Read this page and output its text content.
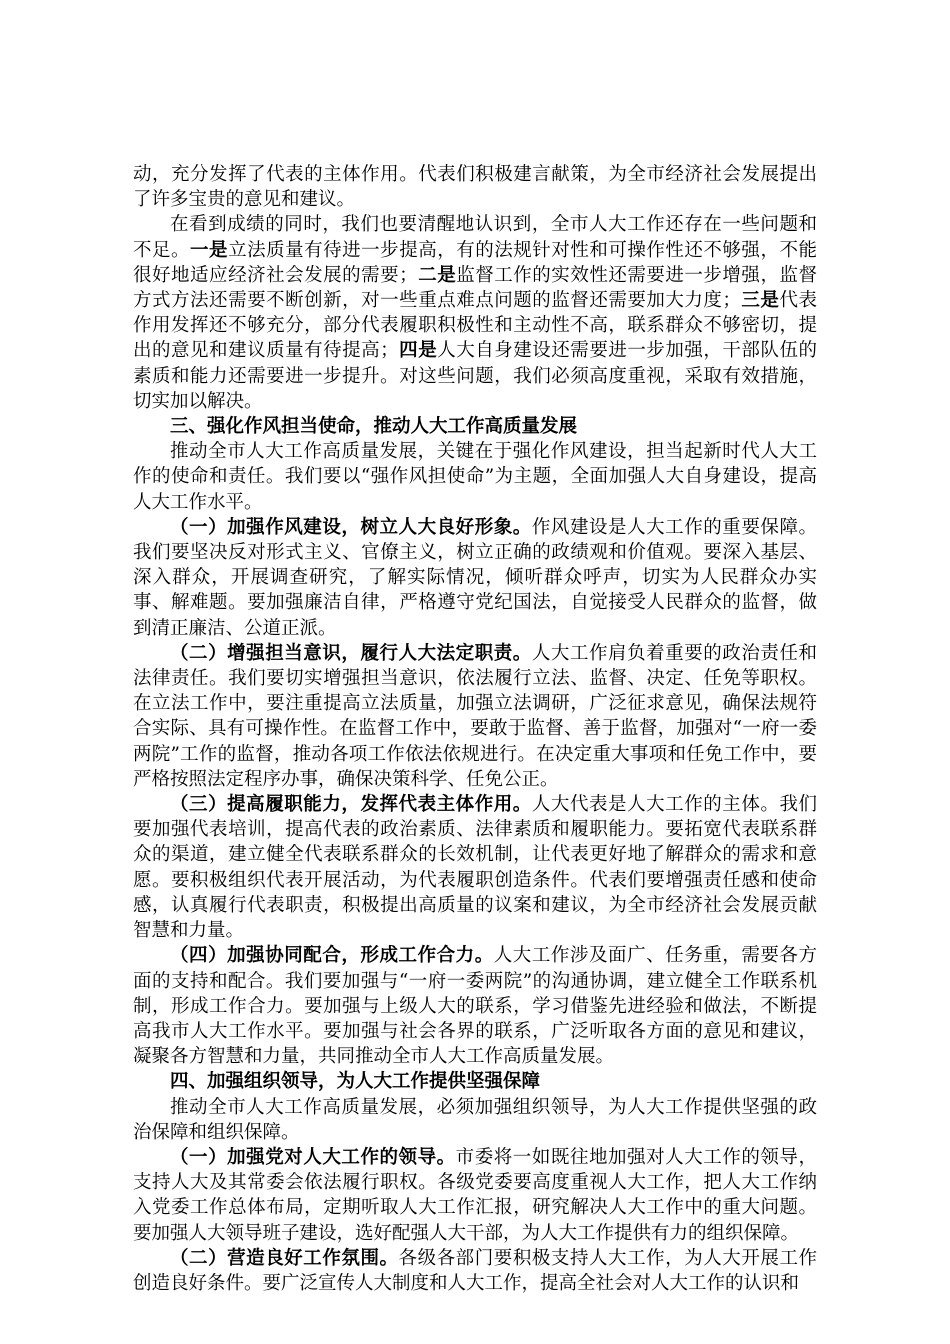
动，充分发挥了代表的主体作用。代表们积极建言献策，为全市经济社会发展提出了许多宝贵的意见和建议。

在看到成绩的同时，我们也要清醒地认识到，全市人大工作还存在一些问题和不足。一是立法质量有待进一步提高，有的法规针对性和可操作性还不够强，不能很好地适应经济社会发展的需要；二是监督工作的实效性还需要进一步增强，监督方式方法还需要不断创新，对一些重点难点问题的监督还需要加大力度；三是代表作用发挥还不够充分，部分代表履职积极性和主动性不高，联系群众不够密切，提出的意见和建议质量有待提高；四是人大自身建设还需要进一步加强，干部队伍的素质和能力还需要进一步提升。对这些问题，我们必须高度重视，采取有效措施，切实加以解决。

三、强化作风担当使命，推动人大工作高质量发展

推动全市人大工作高质量发展，关键在于强化作风建设，担当起新时代人大工作的使命和责任。我们要以“强作风担使命”为主题，全面加强人大自身建设，提高人大工作水平。

（一）加强作风建设，树立人大良好形象。作风建设是人大工作的重要保障。我们要坚决反对形式主义、官僚主义，树立正确的政绩观和价值观。要深入基层、深入群众，开展调查研究，了解实际情况，倾听群众呼声，切实为人民群众办实事、解难题。要加强廉洁自律，严格遵守党纪国法，自觉接受人民群众的监督，做到清正廉洁、公道正派。

（二）增强担当意识，履行人大法定职责。人大工作肩负着重要的政治责任和法律责任。我们要切实增强担当意识，依法履行立法、监督、决定、任免等职权。在立法工作中，要注重提高立法质量，加强立法调研，广泛征求意见，确保法规符合实际、具有可操作性。在监督工作中，要敢于监督、善于监督，加强对“一府一委两院”工作的监督，推动各项工作依法依规进行。在决定重大事项和任免工作中，要严格按照法定程序办事，确保决策科学、任免公正。

（三）提高履职能力，发挥代表主体作用。人大代表是人大工作的主体。我们要加强代表培训，提高代表的政治素质、法律素质和履职能力。要拓宽代表联系群众的渠道，建立健全代表联系群众的长效机制，让代表更好地了解群众的需求和意愿。要积极组织代表开展活动，为代表履职创造条件。代表们要增强责任感和使命感，认真履行代表职责，积极提出高质量的议案和建议，为全市经济社会发展贡献智慧和力量。

（四）加强协同配合，形成工作合力。人大工作涉及面广、任务重，需要各方面的支持和配合。我们要加强与“一府一委两院”的沟通协调，建立健全工作联系机制，形成工作合力。要加强与上级人大的联系，学习借鉴先进经验和做法，不断提高我市人大工作水平。要加强与社会各界的联系，广泛听取各方面的意见和建议，凝聚各方智慧和力量，共同推动全市人大工作高质量发展。

四、加强组织领导，为人大工作提供坚强保障

推动全市人大工作高质量发展，必须加强组织领导，为人大工作提供坚强的政治保障和组织保障。

（一）加强党对人大工作的领导。市委将一如既往地加强对人大工作的领导，支持人大及其常委会依法履行职权。各级党委要高度重视人大工作，把人大工作纳入党委工作总体布局，定期听取人大工作汇报，研究解决人大工作中的重大问题。要加强人大领导班子建设，选好配强人大干部，为人大工作提供有力的组织保障。

（二）营造良好工作氛围。各级各部门要积极支持人大工作，为人大开展工作创造良好条件。要广泛宣传人大制度和人大工作，提高全社会对人大工作的认识和
